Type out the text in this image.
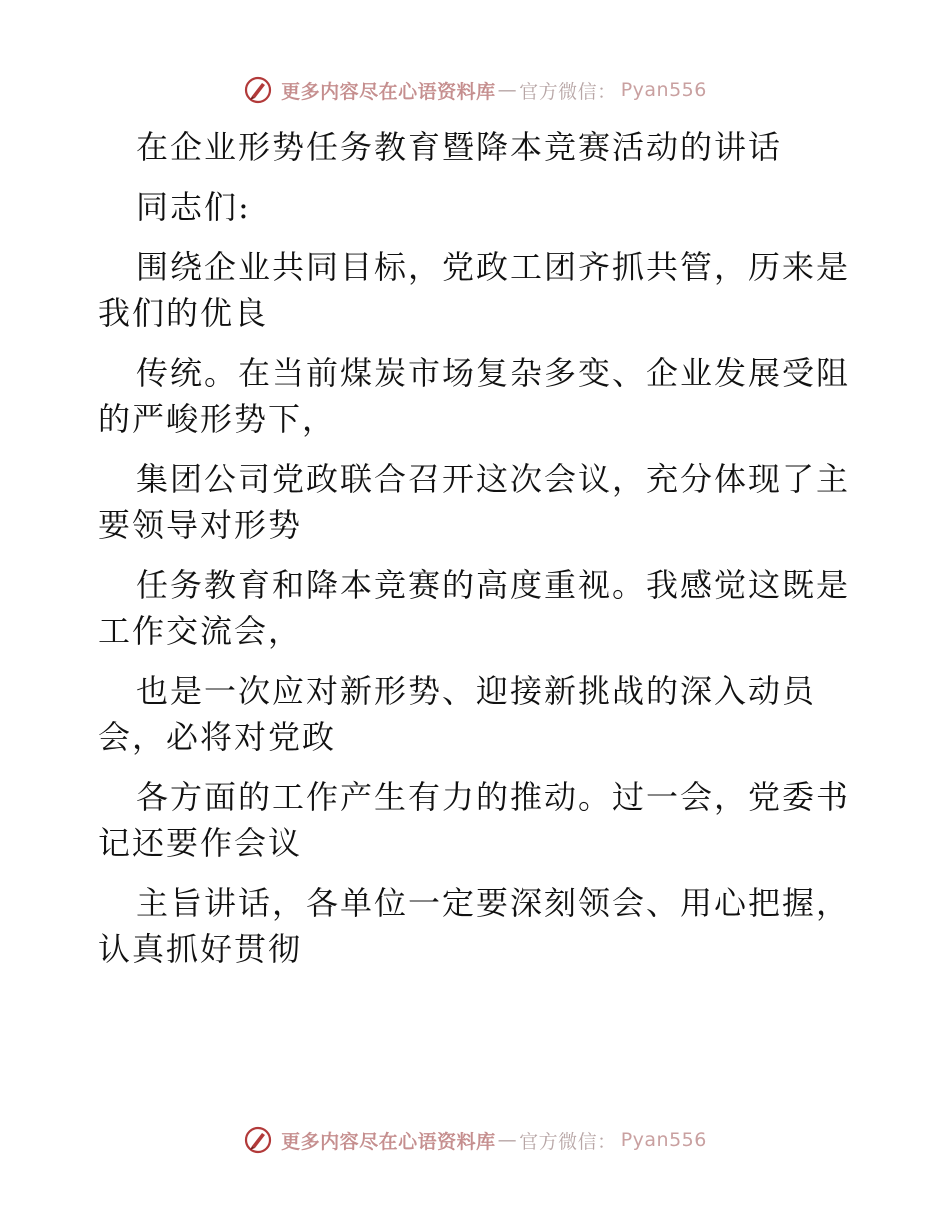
更多内容尽在心语资料库 — 官方微信： Pyan556
在企业形势任务教育暨降本竞赛活动的讲话
同志们:
围绕企业共同目标，党政工团齐抓共管，历来是
我们的优良
传统。在当前煤炭市场复杂多变、企业发展受阻
的严峻形势下，
集团公司党政联合召开这次会议，充分体现了主
要领导对形势
任务教育和降本竞赛的高度重视。我感觉这既是
工作交流会，
也是一次应对新形势、迎接新挑战的深入动员
会，必将对党政
各方面的工作产生有力的推动。过一会，党委书
记还要作会议
主旨讲话，各单位一定要深刻领会、用心把握，
认真抓好贯彻
更多内容尽在心语资料库 — 官方微信： Pyan556
